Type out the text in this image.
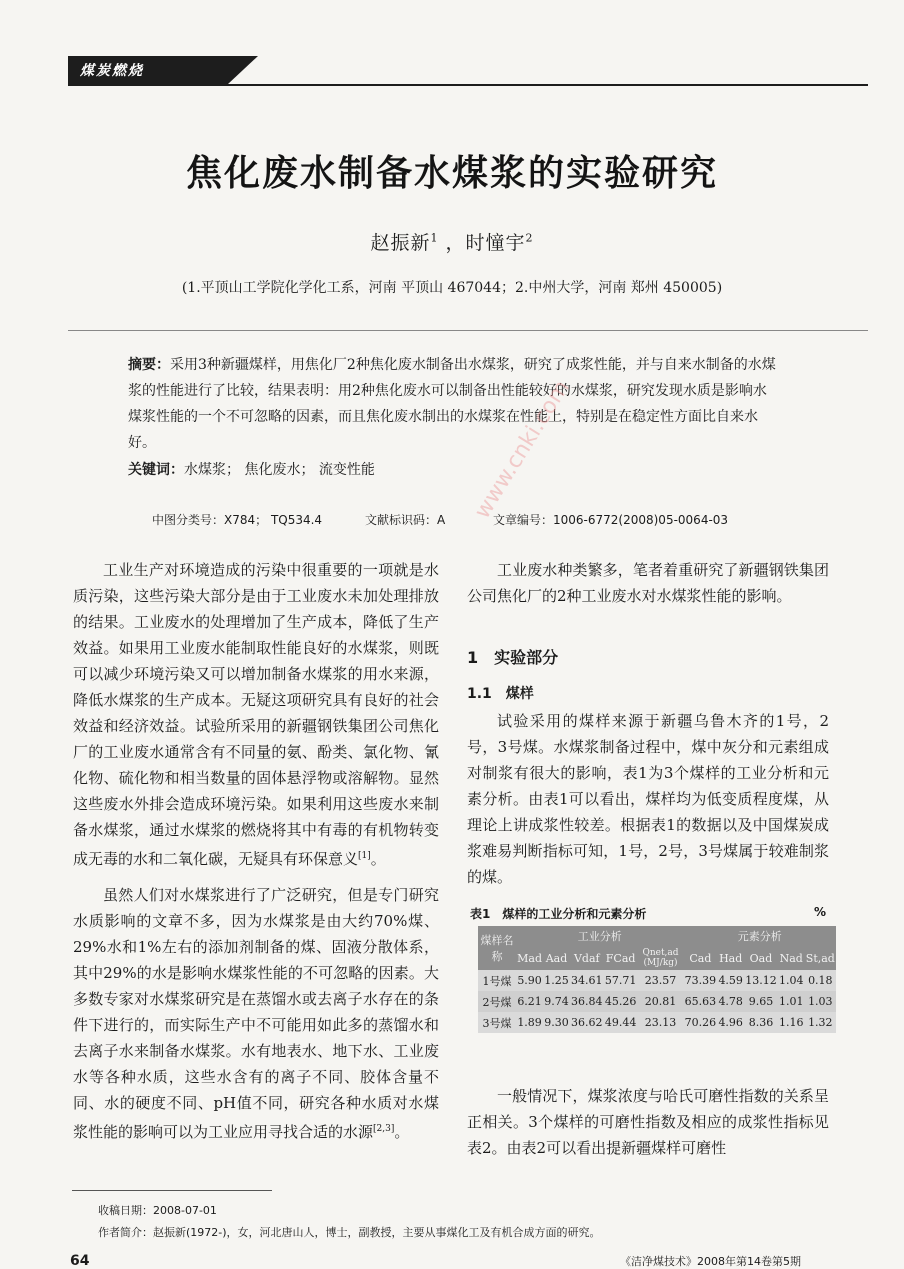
煤炭燃烧
焦化废水制备水煤浆的实验研究
赵振新$^1$ ，时憧宇$^2$
(1.平顶山工学院化学化工系，河南 平顶山 467044；2.中州大学，河南 郑州 450005)
摘要：采用3种新疆煤样，用焦化厂2种焦化废水制备出水煤浆，研究了成浆性能，并与自来水制备的水煤浆的性能进行了比较，结果表明：用2种焦化废水可以制备出性能较好的水煤浆，研究发现水质是影响水煤浆性能的一个不可忽略的因素，而且焦化废水制出的水煤浆在性能上，特别是在稳定性方面比自来水好。
关键词：水煤浆； 焦化废水； 流变性能
中图分类号：X784； TQ534.4	文献标识码：A	文章编号：1006-6772(2008)05-0064-03

工业生产对环境造成的污染中很重要的一项就是水质污染，这些污染大部分是由于工业废水未加处理排放的结果。工业废水的处理增加了生产成本，降低了生产效益。如果用工业废水能制取性能良好的水煤浆，则既可以减少环境污染又可以增加制备水煤浆的用水来源，降低水煤浆的生产成本。无疑这项研究具有良好的社会效益和经济效益。试验所采用的新疆钢铁集团公司焦化厂的工业废水通常含有不同量的氨、酚类、氯化物、氰化物、硫化物和相当数量的固体悬浮物或溶解物。显然这些废水外排会造成环境污染。如果利用这些废水来制备水煤浆，通过水煤浆的燃烧将其中有毒的有机物转变成无毒的水和二氧化碳，无疑具有环保意义[1]。

虽然人们对水煤浆进行了广泛研究，但是专门研究水质影响的文章不多，因为水煤浆是由大约70%煤、29%水和1%左右的添加剂制备的煤、固液分散体系，其中29%的水是影响水煤浆性能的不可忽略的因素。大多数专家对水煤浆研究是在蒸馏水或去离子水存在的条件下进行的，而实际生产中不可能用如此多的蒸馏水和去离子水来制备水煤浆。水有地表水、地下水、工业废水等各种水质，这些水含有的离子不同、胶体含量不同、水的硬度不同、pH值不同，研究各种水质对水煤浆性能的影响可以为工业应用寻找合适的水源[2,3]。

工业废水种类繁多，笔者着重研究了新疆钢铁集团公司焦化厂的2种工业废水对水煤浆性能的影响。

1　实验部分
1.1　煤样

试验采用的煤样来源于新疆乌鲁木齐的1号，2号，3号煤。水煤浆制备过程中，煤中灰分和元素组成对制浆有很大的影响，表1为3个煤样的工业分析和元素分析。由表1可以看出，煤样均为低变质程度煤，从理论上讲成浆性较差。根据表1的数据以及中国煤炭成浆难易判断指标可知，1号，2号，3号煤属于较难制浆的煤。

表1　煤样的工业分析和元素分析	%
煤样名称	工业分析					元素分析				
	Mad	Aad	Vdaf	FCad	Qnet,ad (MJ/kg)	Cad	Had	Oad	Nad	St,ad
1号煤	5.90	1.25	34.61	57.71	23.57	73.39	4.59	13.12	1.04	0.18
2号煤	6.21	9.74	36.84	45.26	20.81	65.63	4.78	9.65	1.01	1.03
3号煤	1.89	9.30	36.62	49.44	23.13	70.26	4.96	8.36	1.16	1.32

一般情况下，煤浆浓度与哈氏可磨性指数的关系呈正相关。3个煤样的可磨性指数及相应的成浆性指标见表2。由表2可以看出提新疆煤样可磨性

收稿日期：2008-07-01
作者简介：赵振新(1972-)，女，河北唐山人，博士，副教授，主要从事煤化工及有机合成方面的研究。
64	《洁净煤技术》2008年第14卷第5期
www.cnki.com
